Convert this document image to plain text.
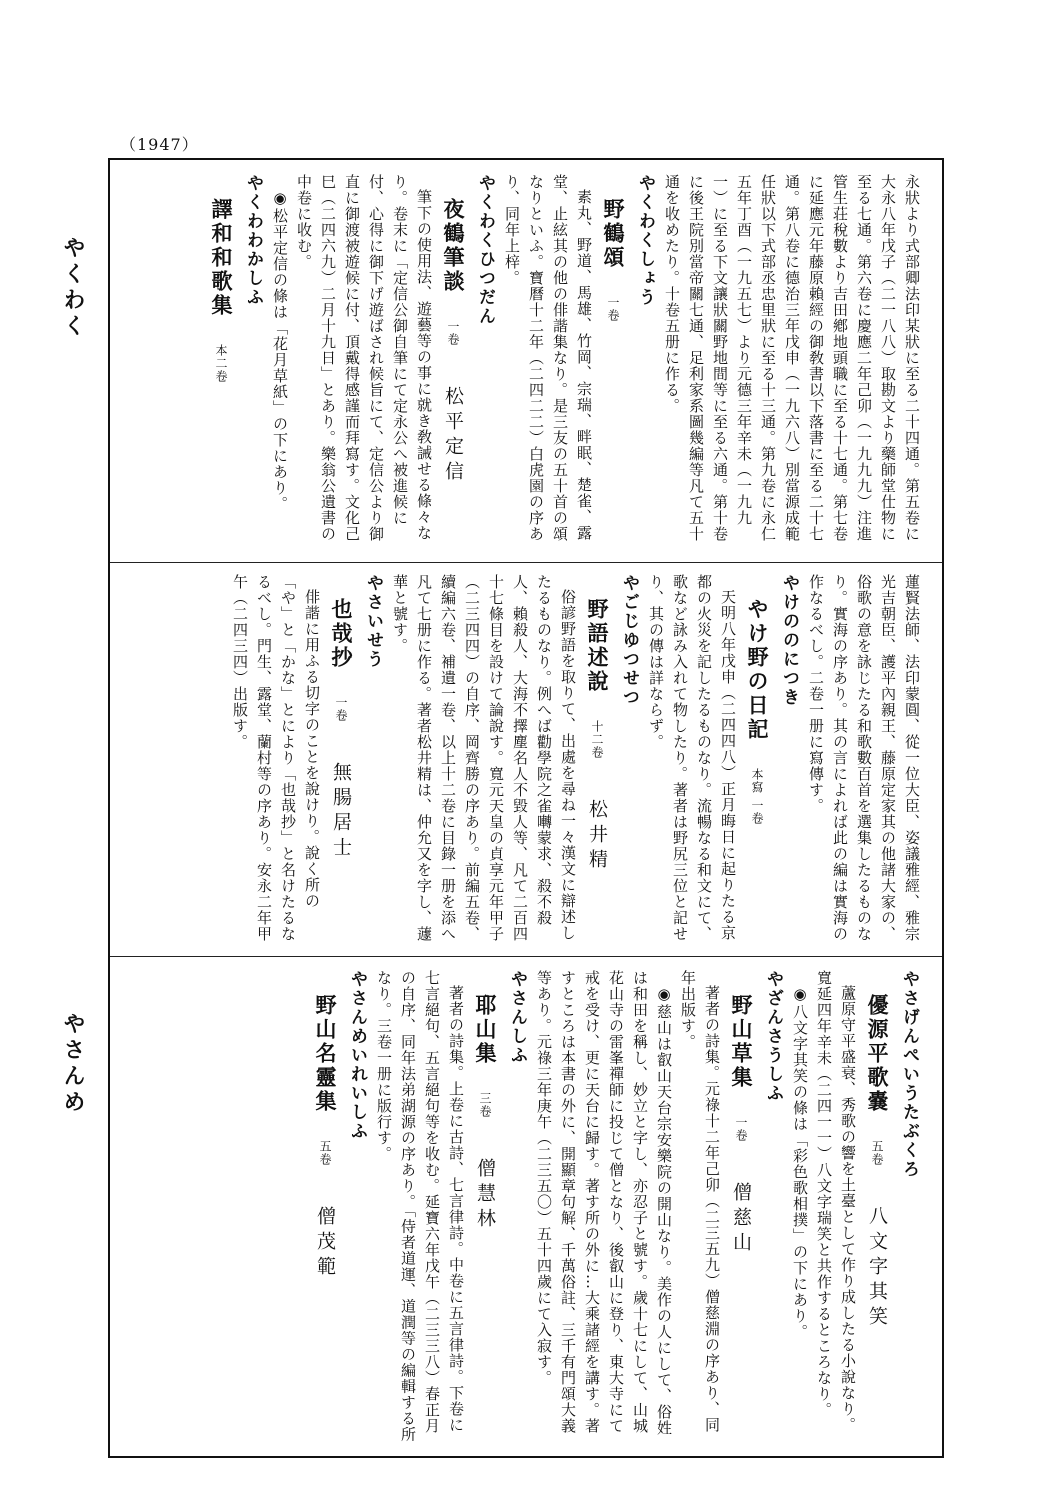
（1947）
やくわく
やさんめ
永狀より式部卿法印某狀に至る二十四通。第五卷に大永八年戊子（二一八八）取勘文より藥師堂仕物に至る七通。第六卷に慶應二年己卯（一九九九）注進管生荘稅數より吉田鄕地頭職に至る十七通。第七卷に延應元年藤原賴經の御敎書以下落書に至る二十七通。第八卷に德治三年戊申（一九六八）別當源成範任狀以下式部丞忠里狀に至る十三通。第九卷に永仁五年丁酉（一九五七）より元德三年辛未（一九九一）に至る下文讓狀關野地間等に至る六通。第十卷に後王院別當帝關七通、足利家系圖幾編等凡て五十通を收めたり。十卷五册に作る。
やくわくしょう
野鶴頌一卷
素丸、野道、馬雄、竹岡、宗瑞、畔眠、楚雀、露堂、止絃其の他の俳諧集なり。是三友の五十首の頌なりといふ。寶曆十二年（二四二二）白虎園の序あり、同年上梓。
やくわくひつだん
夜鶴筆談一卷松平定信
筆下の使用法、遊藝等の事に就き敎誡せる條々なり。卷末に「定信公御自筆にて定永公へ被進候に付、心得に御下げ遊ばされ候旨にて、定信公より御直に御渡被遊候に付、頂戴得感謹而拜寫す。文化己巳（二四六九）二月十九日」とあり。樂翁公遺書の中卷に收む。
◉松平定信の條は「花月草紙」の下にあり。
やくわわかしふ
譯和和歌集本二卷
蓮賢法師、法印蒙圓、從一位大臣、姿議雅經、雅宗光吉朝臣、護平內親王、藤原定家其の他諸大家の、俗歌の意を詠じたる和歌數百首を選集したるものなり。實海の序あり。其の言によれば此の編は實海の作なるべし。二卷一册に寫傳す。
やけののにつき
やけ野の日記本寫 一卷
天明八年戊申（二四四八）正月晦日に起りたる京都の火災を記したるものなり。流暢なる和文にて、歌など詠み入れて物したり。著者は野尻三位と記せり、其の傳は詳ならず。
やごじゆつせつ
野語述說十二卷松井精
俗諺野語を取りて、出處を尋ね一々漢文に辯述したるものなり。例へば勸學院之雀囀蒙求、殺不殺人、賴殺人、大海不擇塵名人不毀人等、凡て二百四十七條目を設けて論說す。寬元天皇の貞享元年甲子（二三四四）の自序、岡齊勝の序あり。前編五卷、續編六卷、補遺一卷、以上十二卷に目錄一册を添へ凡て七册に作る。著者松井精は、仲允又を字し、蘧華と號す。
やさいせう
也哉抄一卷無腸居士
俳諧に用ふる切字のことを說けり。說く所の「や」と「かな」とにより「也哉抄」と名けたるなるべし。門生、露堂、蘭村等の序あり。安永二年甲午（二四三四）出版す。
やさげんぺいうたぶくろ
優源平歌嚢五卷八文字其笑
蘆原守平盛衰、秀歌の響を土臺として作り成したる小說なり。寬延四年辛未（二四一一）八文字瑞笑と共作するところなり。
◉八文字其笑の條は「彩色歌相撲」の下にあり。
やざんさうしふ
野山草集一卷僧慈山
著者の詩集。元祿十二年己卯（二三五九）僧慈淵の序あり、同年出版す。
◉慈山は叡山天台宗安樂院の開山なり。美作の人にして、俗姓は和田を稱し、妙立と字し、亦忍子と號す。歲十七にして、山城花山寺の雷峯禪師に投じて僧となり、後叡山に登り、東大寺にて戒を受け、更に天台に歸す。著す所の外に…大乘諸經を講す。著すところは本書の外に、開顯章句解、千萬俗註、三千有門頌大義等あり。元祿三年庚午（二三五〇）五十四歲にて入寂す。
やさんしふ
耶山集三卷僧慧林
著者の詩集。上卷に古詩、七言律詩。中卷に五言律詩。下卷に七言絕句、五言絕句等を收む。延寶六年戊午（二三三八）春正月の自序、同年法弟湖源の序あり。「侍者道運、道潤等の編輯する所なり。三卷一册に版行す。
やさんめいれいしふ
野山名靈集五卷僧茂範
